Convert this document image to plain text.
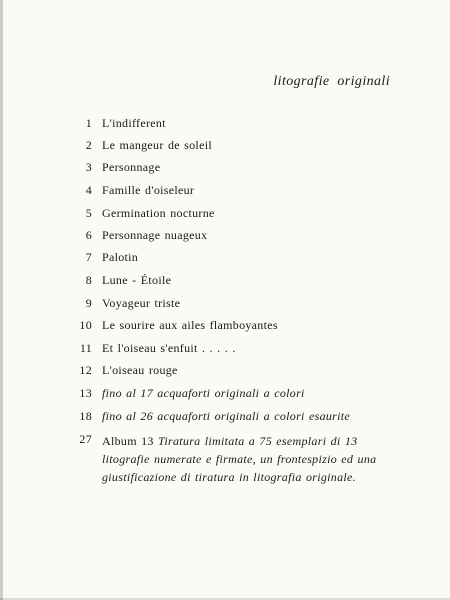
litografie originali
1 L'indifferent
2 Le mangeur de soleil
3 Personnage
4 Famille d'oiseleur
5 Germination nocturne
6 Personnage nuageux
7 Palotin
8 Lune - Étoile
9 Voyageur triste
10 Le sourire aux ailes flamboyantes
11 Et l'oiseau s'enfuit . . . . .
12 L'oiseau rouge
13 fino al 17 acquaforti originali a colori
18 fino al 26 acquaforti originali a colori esaurite
27 Album 13 Tiratura limitata a 75 esemplari di 13 litografie numerate e firmate, un frontespizio ed una giustificazione di tiratura in litografia originale.
